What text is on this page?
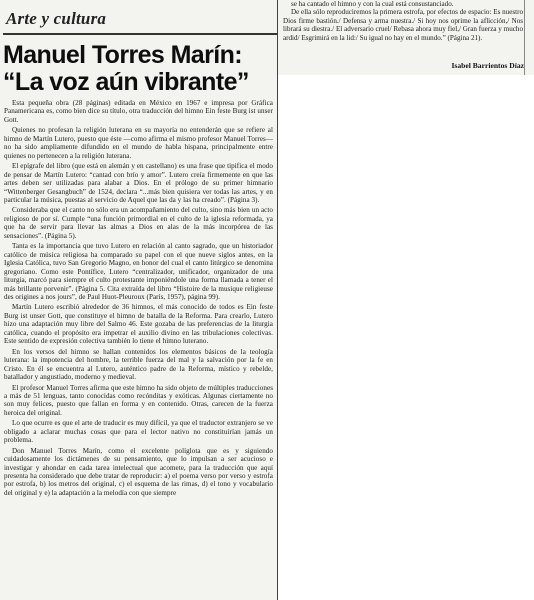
Arte y cultura
Manuel Torres Marín:
“La voz aún vibrante”

Esta pequeña obra (28 páginas) editada en México en 1967 e impresa por Gráfica Panamericana es, como bien dice su título, otra traducción del himno Ein feste Burg ist unser Gott.

Quienes no profesan la religión luterana en su mayoría no entenderán que se refiere al himno de Martín Lutero, puesto que éste —como afirma el mismo profesor Manuel Torres— no ha sido ampliamente difundido en el mundo de habla hispana, principalmente entre quienes no pertenecen a la religión luterana.

El epígrafe del libro (que está en alemán y en castellano) es una frase que tipifica el modo de pensar de Martín Lutero: “cantad con brío y amor”. Lutero creía firmemente en que las artes deben ser utilizadas para alabar a Dios. En el prólogo de su primer himnario “Wittenberger Gesangbuch” de 1524, declara “...más bien quisiera ver todas las artes, y en particular la música, puestas al servicio de Aquel que las da y las ha creado”. (Página 3).

Consideraba que el canto no sólo era un acompañamiento del culto, sino más bien un acto religioso de por sí. Cumple “una función primordial en el culto de la iglesia reformada, ya que ha de servir para llevar las almas a Dios en alas de la más incorpórea de las sensaciones”. (Página 5).

Tanta es la importancia que tuvo Lutero en relación al canto sagrado, que un historiador católico de música religiosa ha comparado su papel con el que nueve siglos antes, en la Iglesia Católica, tuvo San Gregorio Magno, en honor del cual el canto litúrgico se denomina gregoriano. Como este Pontífice, Lutero “centralizador, unificador, organizador de una liturgia, marcó para siempre el culto protestante imponiéndole una forma llamada a tener el más brillante porvenir”. (Página 5. Cita extraída del libro “Histoire de la musique religieuse des origines a nos jours”, de Paul Huot-Pleuroux (París, 1957), página 99).

Martín Lutero escribió alrededor de 36 himnos, el más conocido de todos es Ein feste Burg ist unser Gott, que constituye el himno de batalla de la Reforma. Para crearlo, Lutero hizo una adaptación muy libre del Salmo 46. Este gozaba de las preferencias de la liturgia católica, cuando el propósito era impetrar el auxilio divino en las tribulaciones colectivas. Este sentido de expresión colectiva también lo tiene el himno luterano.

En los versos del himno se hallan contenidos los elementos básicos de la teología luterana: la impotencia del hombre, la terrible fuerza del mal y la salvación por la fe en Cristo. En él se encuentra al Lutero, auténtico padre de la Reforma, místico y rebelde, batallador y angustiado, moderno y medieval.

El profesor Manuel Torres afirma que este himno ha sido objeto de múltiples traducciones a más de 51 lenguas, tanto conocidas como recónditas y exóticas. Algunas ciertamente no son muy felices, puesto que fallan en forma y en contenido. Otras, carecen de la fuerza heroica del original.

Lo que ocurre es que el arte de traducir es muy difícil, ya que el traductor extranjero se ve obligado a aclarar muchas cosas que para el lector nativo no constituirían jamás un problema.

Don Manuel Torres Marín, como el excelente políglota que es y siguiendo cuidadosamente los dictámenes de su pensamiento, que lo impulsan a ser acucioso e investigar y ahondar en cada tarea intelectual que acomete, para la traducción que aquí presenta ha considerado que debe tratar de reproducir: a) el poema verso por verso y estrofa por estrofa, b) los metros del original, c) el esquema de las rimas, d) el tono y vocabulario del original y e) la adaptación a la melodía con que siempre

se ha cantado el himno y con la cual está consustanciado.

De ella sólo reproduciremos la primera estrofa, por efectos de espacio: Es nuestro Dios firme bastión./ Defensa y arma nuestra./ Si hoy nos oprime la aflicción,/ Nos librará su diestra./ El adversario cruel/ Rebasa ahora muy fiel,/ Gran fuerza y mucho ardid/ Esgrimirá en la lid:/ Su igual no hay en el mundo.” (Página 21).

Isabel Barrientos Díaz
